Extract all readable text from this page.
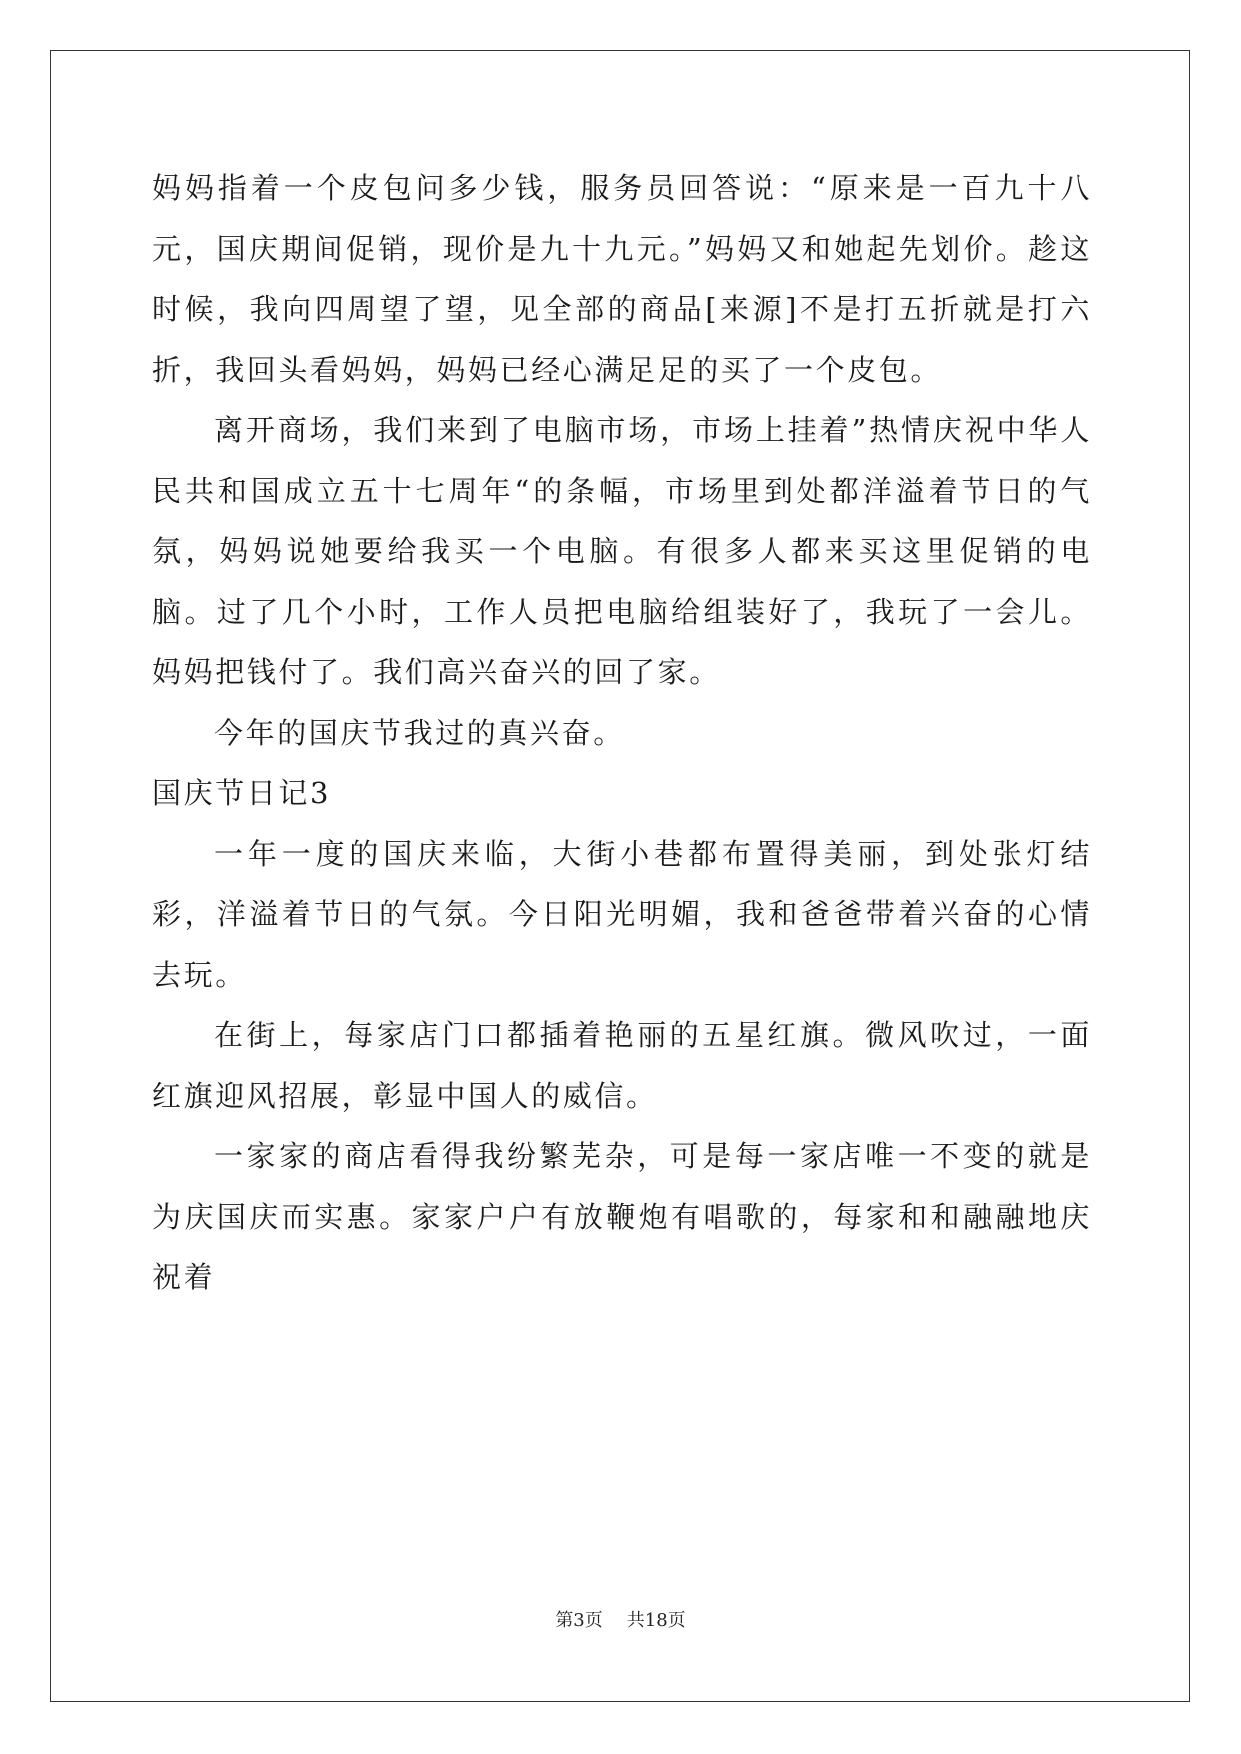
妈妈指着一个皮包问多少钱，服务员回答说：“原来是一百九十八元，国庆期间促销，现价是九十九元。”妈妈又和她起先划价。趁这时候，我向四周望了望，见全部的商品[来源]不是打五折就是打六折，我回头看妈妈，妈妈已经心满足足的买了一个皮包。

离开商场，我们来到了电脑市场，市场上挂着”热情庆祝中华人民共和国成立五十七周年“的条幅，市场里到处都洋溢着节日的气氛，妈妈说她要给我买一个电脑。有很多人都来买这里促销的电脑。过了几个小时，工作人员把电脑给组装好了，我玩了一会儿。妈妈把钱付了。我们高兴奋兴的回了家。

今年的国庆节我过的真兴奋。

国庆节日记3

一年一度的国庆来临，大街小巷都布置得美丽，到处张灯结彩，洋溢着节日的气氛。今日阳光明媚，我和爸爸带着兴奋的心情去玩。

在街上，每家店门口都插着艳丽的五星红旗。微风吹过，一面红旗迎风招展，彰显中国人的威信。

一家家的商店看得我纷繁芜杂，可是每一家店唯一不变的就是为庆国庆而实惠。家家户户有放鞭炮有唱歌的，每家和和融融地庆祝着

第3页 共18页
